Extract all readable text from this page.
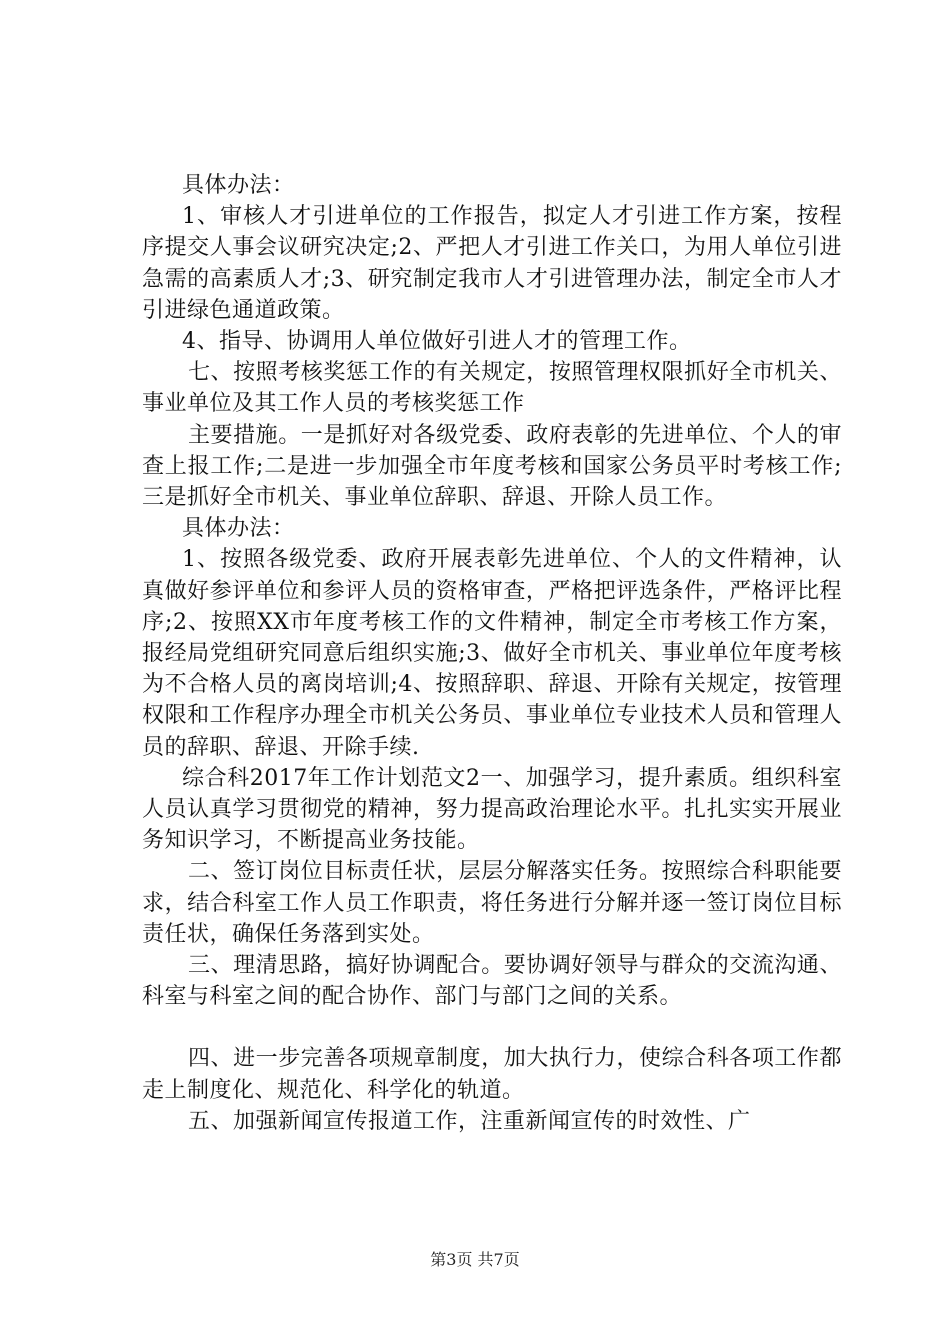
具体办法：

1、审核人才引进单位的工作报告，拟定人才引进工作方案，按程序提交人事会议研究决定;2、严把人才引进工作关口，为用人单位引进急需的高素质人才;3、研究制定我市人才引进管理办法，制定全市人才引进绿色通道政策。

4、指导、协调用人单位做好引进人才的管理工作。

七、按照考核奖惩工作的有关规定，按照管理权限抓好全市机关、事业单位及其工作人员的考核奖惩工作

主要措施。一是抓好对各级党委、政府表彰的先进单位、个人的审查上报工作;二是进一步加强全市年度考核和国家公务员平时考核工作;三是抓好全市机关、事业单位辞职、辞退、开除人员工作。

具体办法：

1、按照各级党委、政府开展表彰先进单位、个人的文件精神，认真做好参评单位和参评人员的资格审查，严格把评选条件，严格评比程序;2、按照XX市年度考核工作的文件精神，制定全市考核工作方案，报经局党组研究同意后组织实施;3、做好全市机关、事业单位年度考核为不合格人员的离岗培训;4、按照辞职、辞退、开除有关规定，按管理权限和工作程序办理全市机关公务员、事业单位专业技术人员和管理人员的辞职、辞退、开除手续.

综合科2017年工作计划范文2一、加强学习，提升素质。组织科室人员认真学习贯彻党的精神，努力提高政治理论水平。扎扎实实开展业务知识学习，不断提高业务技能。

二、签订岗位目标责任状，层层分解落实任务。按照综合科职能要求，结合科室工作人员工作职责，将任务进行分解并逐一签订岗位目标责任状，确保任务落到实处。

三、理清思路，搞好协调配合。要协调好领导与群众的交流沟通、科室与科室之间的配合协作、部门与部门之间的关系。

四、进一步完善各项规章制度，加大执行力，使综合科各项工作都走上制度化、规范化、科学化的轨道。

五、加强新闻宣传报道工作，注重新闻宣传的时效性、广

第3页 共7页
